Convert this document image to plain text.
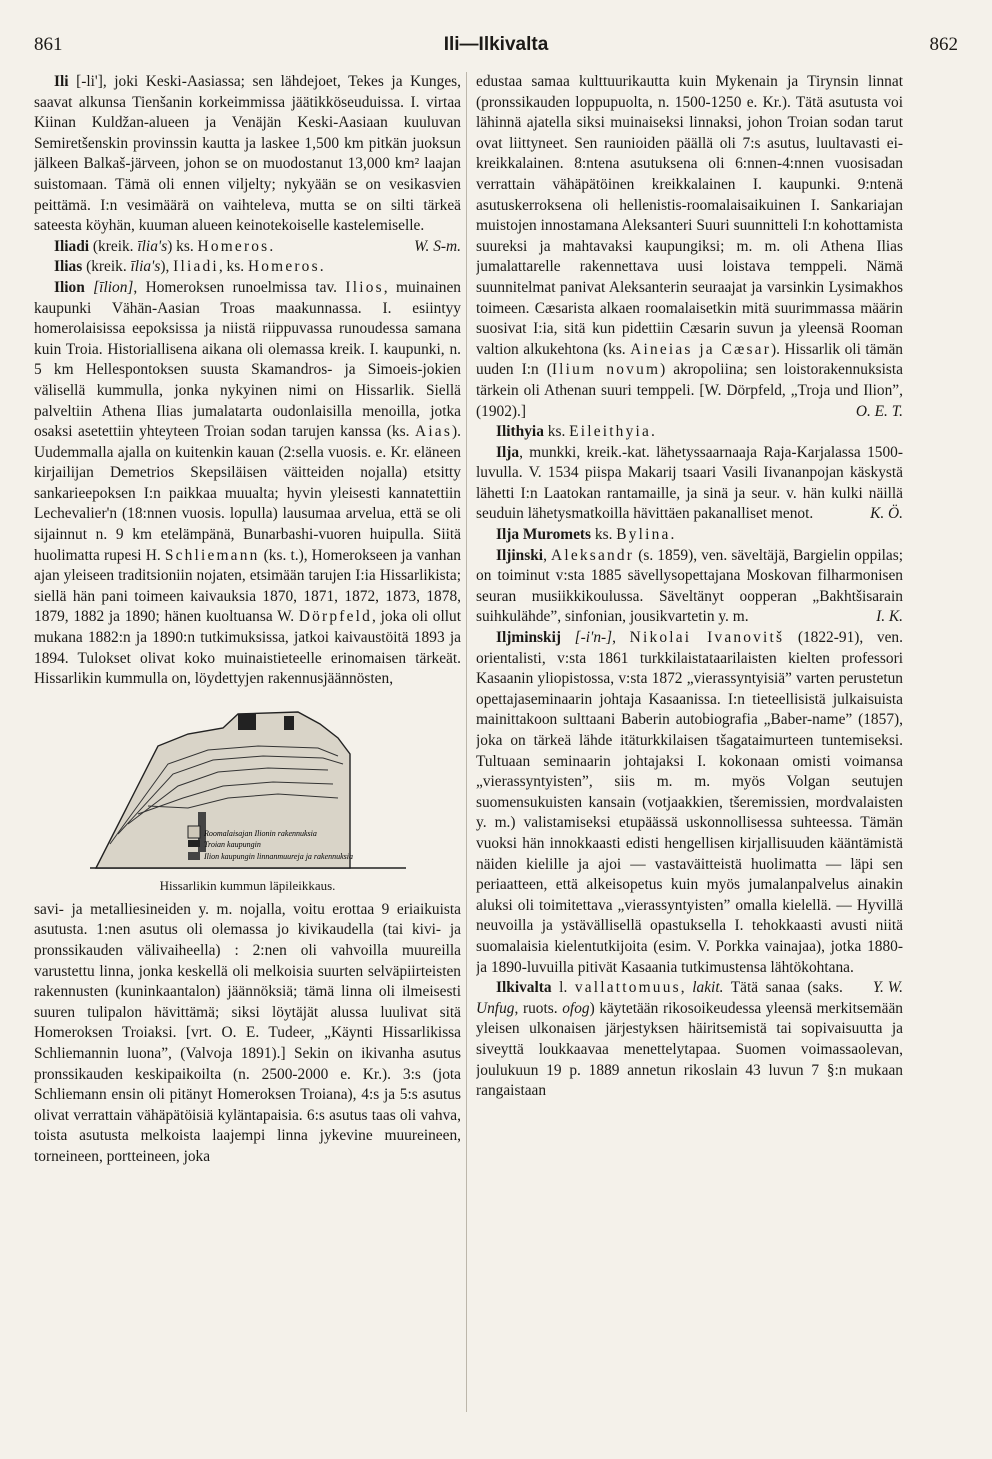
861	Ili—Ilkivalta	862

Ili [-li'], joki Keski-Aasiassa; sen lähdejoet, Tekes ja Kunges, saavat alkunsa Tienšanin korkeimmissa jäätikköseuduissa. I. virtaa Kiinan Kuldžan-alueen ja Venäjän Keski-Aasiaan kuuluvan Semiretšenskin provinssin kautta ja laskee 1,500 km pitkän juoksun jälkeen Balkaš-järveen, johon se on muodostanut 13,000 km² laajan suistomaan. Tämä oli ennen viljelty; nykyään se on vesikasvien peittämä. I:n vesimäärä on vaihteleva, mutta se on silti tärkeä sateesta köyhän, kuuman alueen keinotekoiselle kastelemiselle.
W. S-m.

Iliadi (kreik. īlia's) ks. Homeros.

Ilias (kreik. īlia's), Iliadi, ks. Homeros.

Ilion [īlion], Homeroksen runoelmissa tav. Ilios, muinainen kaupunki Vähän-Aasian Troas maakunnassa. I. esiintyy homerolaisissa eepoksissa ja niistä riippuvassa runoudessa samana kuin Troia. Historiallisena aikana oli olemassa kreik. I. kaupunki, n. 5 km Hellespontoksen suusta Skamandros- ja Simoeis-jokien välisellä kummulla, jonka nykyinen nimi on Hissarlik. Siellä palveltiin Athena Ilias jumalatarta oudonlaisilla menoilla, jotka osaksi asetettiin yhteyteen Troian sodan tarujen kanssa (ks. Aias). Uudemmalla ajalla on kuitenkin kauan (2:sella vuosis. e. Kr. eläneen kirjailijan Demetrios Skepsiläisen väitteiden nojalla) etsitty sankarieepoksen I:n paikkaa muualta; hyvin yleisesti kannatettiin Lechevalier'n (18:nnen vuosis. lopulla) lausumaa arvelua, että se oli sijainnut n. 9 km etelämpänä, Bunarbashi-vuoren huipulla. Siitä huolimatta rupesi H. Schliemann (ks. t.), Homerokseen ja vanhan ajan yleiseen traditsioniin nojaten, etsimään tarujen I:ia Hissarlikista; siellä hän pani toimeen kaivauksia 1870, 1871, 1872, 1873, 1878, 1879, 1882 ja 1890; hänen kuoltuansa W. Dörpfeld, joka oli ollut mukana 1882:n ja 1890:n tutkimuksissa, jatkoi kaivaustöitä 1893 ja 1894. Tulokset olivat koko muinaistieteelle erinomaisen tärkeät. Hissarlikin kummulla on, löydettyjen rakennusjäännösten,

Roomalaisajan Ilionin rakennuksia
Troian kaupungin
Ilion kaupungin linnanmuureja ja rakennuksia
Hissarlikin kummun läpileikkaus.

savi- ja metalliesineiden y. m. nojalla, voitu erottaa 9 eriaikuista asutusta. 1:nen asutus oli olemassa jo kivikaudella (tai kivi- ja pronssikauden välivaiheella) : 2:nen oli vahvoilla muureilla varustettu linna, jonka keskellä oli melkoisia suurten selväpiirteisten rakennusten (kuninkaantalon) jäännöksiä; tämä linna oli ilmeisesti suuren tulipalon hävittämä; siksi löytäjät alussa luulivat sitä Homeroksen Troiaksi. [vrt. O. E. Tudeer, „Käynti Hissarlikissa Schliemannin luona”, (Valvoja 1891).] Sekin on ikivanha asutus pronssikauden keskipaikoilta (n. 2500-2000 e. Kr.). 3:s (jota Schliemann ensin oli pitänyt Homeroksen Troiana), 4:s ja 5:s asutus olivat verrattain vähäpätöisiä kyläntapaisia. 6:s asutus taas oli vahva, toista asutusta melkoista laajempi linna jykevine muureineen, torneineen, portteineen, joka

edustaa samaa kulttuurikautta kuin Mykenain ja Tirynsin linnat (pronssikauden loppupuolta, n. 1500-1250 e. Kr.). Tätä asutusta voi lähinnä ajatella siksi muinaiseksi linnaksi, johon Troian sodan tarut ovat liittyneet. Sen raunioiden päällä oli 7:s asutus, luultavasti ei-kreikkalainen. 8:ntena asutuksena oli 6:nnen-4:nnen vuosisadan verrattain vähäpätöinen kreikkalainen I. kaupunki. 9:ntenä asutuskerroksena oli hellenistis-roomalaisaikuinen I. Sankariajan muistojen innostamana Aleksanteri Suuri suunnitteli I:n kohottamista suureksi ja mahtavaksi kaupungiksi; m. m. oli Athena Ilias jumalattarelle rakennettava uusi loistava temppeli. Nämä suunnitelmat panivat Aleksanterin seuraajat ja varsinkin Lysimakhos toimeen. Cæsarista alkaen roomalaisetkin mitä suurimmassa määrin suosivat I:ia, sitä kun pidettiin Cæsarin suvun ja yleensä Rooman valtion alkukehtona (ks. Aineias ja Cæsar). Hissarlik oli tämän uuden I:n (Ilium novum) akropoliina; sen loistorakennuksista tärkein oli Athenan suuri temppeli. [W. Dörpfeld, „Troja und Ilion”, (1902).]	O. E. T.

Ilithyia ks. Eileithyia.

Ilja, munkki, kreik.-kat. lähetyssaarnaaja Raja-Karjalassa 1500-luvulla. V. 1534 piispa Makarij tsaari Vasili Iivananpojan käskystä lähetti I:n Laatokan rantamaille, ja sinä ja seur. v. hän kulki näillä seuduin lähetysmatkoilla hävittäen pakanalliset menot.	K. Ö.

Ilja Muromets ks. Bylina.

Iljinski, Aleksandr (s. 1859), ven. säveltäjä, Bargielin oppilas; on toiminut v:sta 1885 sävellysopettajana Moskovan filharmonisen seuran musiikkikoulussa. Säveltänyt oopperan „Bakhtšisarain suihkulähde”, sinfonian, jousikvartetin y. m.	I. K.

Iljminskij [-i'n-], Nikolai Ivanovitš (1822-91), ven. orientalisti, v:sta 1861 turkkilaistataarilaisten kielten professori Kasaanin yliopistossa, v:sta 1872 „vierassyntyisiä” varten perustetun opettajaseminaarin johtaja Kasaanissa. I:n tieteellisistä julkaisuista mainittakoon sulttaani Baberin autobiografia „Baber-name” (1857), joka on tärkeä lähde itäturkkilaisen tšagataimurteen tuntemiseksi. Tultuaan seminaarin johtajaksi I. kokonaan omisti voimansa „vierassyntyisten”, siis m. m. myös Volgan seutujen suomensukuisten kansain (votjaakkien, tšeremissien, mordvalaisten y. m.) valistamiseksi etupäässä uskonnollisessa suhteessa. Tämän vuoksi hän innokkaasti edisti hengellisen kirjallisuuden kääntämistä näiden kielille ja ajoi — vastaväitteistä huolimatta — läpi sen periaatteen, että alkeisopetus kuin myös jumalanpalvelus ainakin aluksi oli toimitettava „vierassyntyisten” omalla kielellä. — Hyvillä neuvoilla ja ystävällisellä opastuksella I. tehokkaasti avusti niitä suomalaisia kielentutkijoita (esim. V. Porkka vainajaa), jotka 1880- ja 1890-luvuilla pitivät Kasaania tutkimustensa lähtökohtana.
Y. W.

Ilkivalta l. vallattomuus, lakit. Tätä sanaa (saks. Unfug, ruots. ofog) käytetään rikosoikeudessa yleensä merkitsemään yleisen ulkonaisen järjestyksen häiritsemistä tai sopivaisuutta ja siveyttä loukkaavaa menettelytapaa. Suomen voimassaolevan, joulukuun 19 p. 1889 annetun rikoslain 43 luvun 7 §:n mukaan rangaistaan
